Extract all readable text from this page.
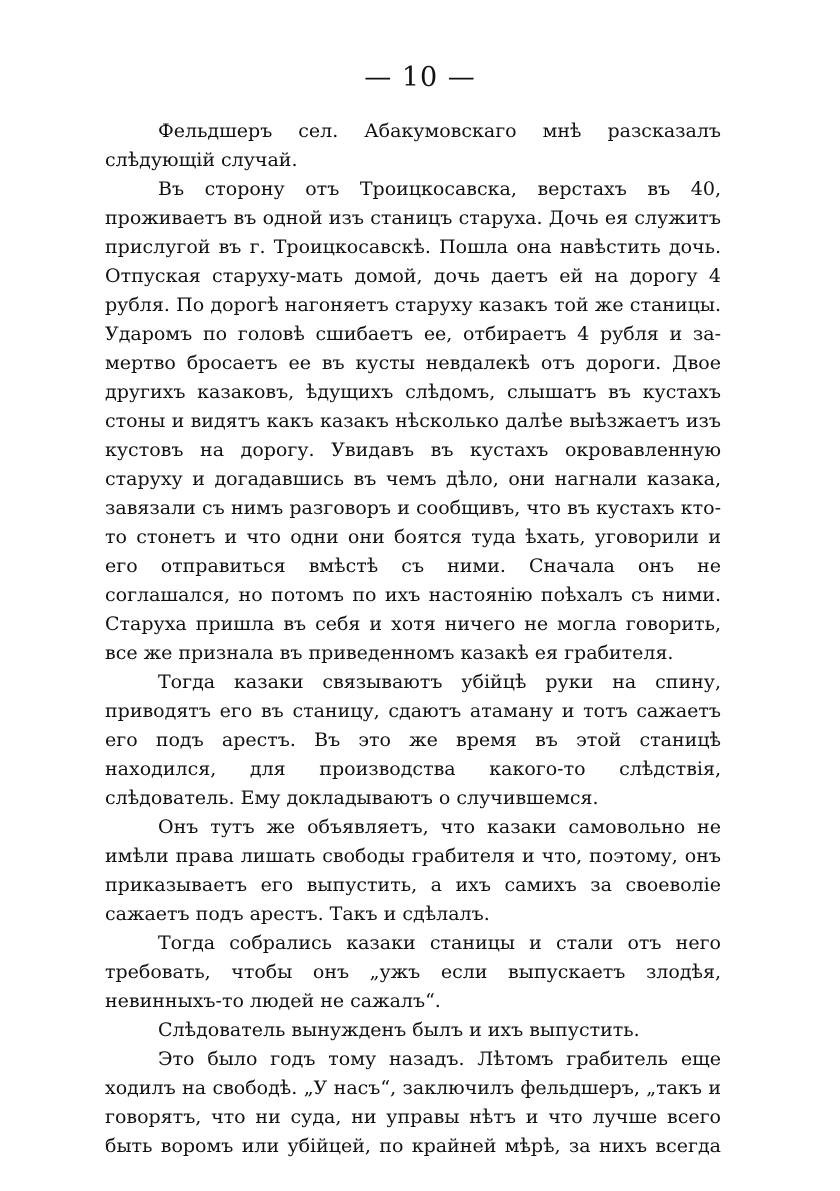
— 10 —

Фельдшеръ сел. Абакумовскаго мнѣ разсказалъ слѣдующій случай.

Въ сторону отъ Троицкосавска, верстахъ въ 40, проживаетъ въ одной изъ станицъ старуха. Дочь ея служитъ прислугой въ г. Троицкосавскѣ. Пошла она навѣстить дочь. Отпуская старуху-мать домой, дочь даетъ ей на дорогу 4 рубля. По дорогѣ нагоняетъ старуху казакъ той же станицы. Ударомъ по головѣ сшибаетъ ее, отбираетъ 4 рубля и за-мертво бросаетъ ее въ кусты невдалекѣ отъ дороги. Двое другихъ казаковъ, ѣдущихъ слѣдомъ, слышатъ въ кустахъ стоны и видятъ какъ казакъ нѣсколько далѣе выѣзжаетъ изъ кустовъ на дорогу. Увидавъ въ кустахъ окровавленную старуху и догадавшись въ чемъ дѣло, они нагнали казака, завязали съ нимъ разговоръ и сообщивъ, что въ кустахъ кто-то стонетъ и что одни они боятся туда ѣхать, уговорили и его отправиться вмѣстѣ съ ними. Сначала онъ не соглашался, но потомъ по ихъ настоянію поѣхалъ съ ними. Старуха пришла въ себя и хотя ничего не могла говорить, все же признала въ приведенномъ казакѣ ея грабителя.

Тогда казаки связываютъ убійцѣ руки на спину, приводятъ его въ станицу, сдаютъ атаману и тотъ сажаетъ его подъ арестъ. Въ это же время въ этой станицѣ находился, для производства какого-то слѣдствія, слѣдователь. Ему докладываютъ о случившемся.

Онъ тутъ же объявляетъ, что казаки самовольно не имѣли права лишать свободы грабителя и что, поэтому, онъ приказываетъ его выпустить, а ихъ самихъ за своеволіе сажаетъ подъ арестъ. Такъ и сдѣлалъ.

Тогда собрались казаки станицы и стали отъ него требовать, чтобы онъ „ужъ если выпускаетъ злодѣя, невинныхъ-то людей не сажалъ“.

Слѣдователь вынужденъ былъ и ихъ выпустить.

Это было годъ тому назадъ. Лѣтомъ грабитель еще ходилъ на свободѣ. „У насъ“, заключилъ фельдшеръ, „такъ и говорятъ, что ни суда, ни управы нѣтъ и что лучше всего быть воромъ или убійцей, по крайней мѣрѣ, за нихъ всегда
